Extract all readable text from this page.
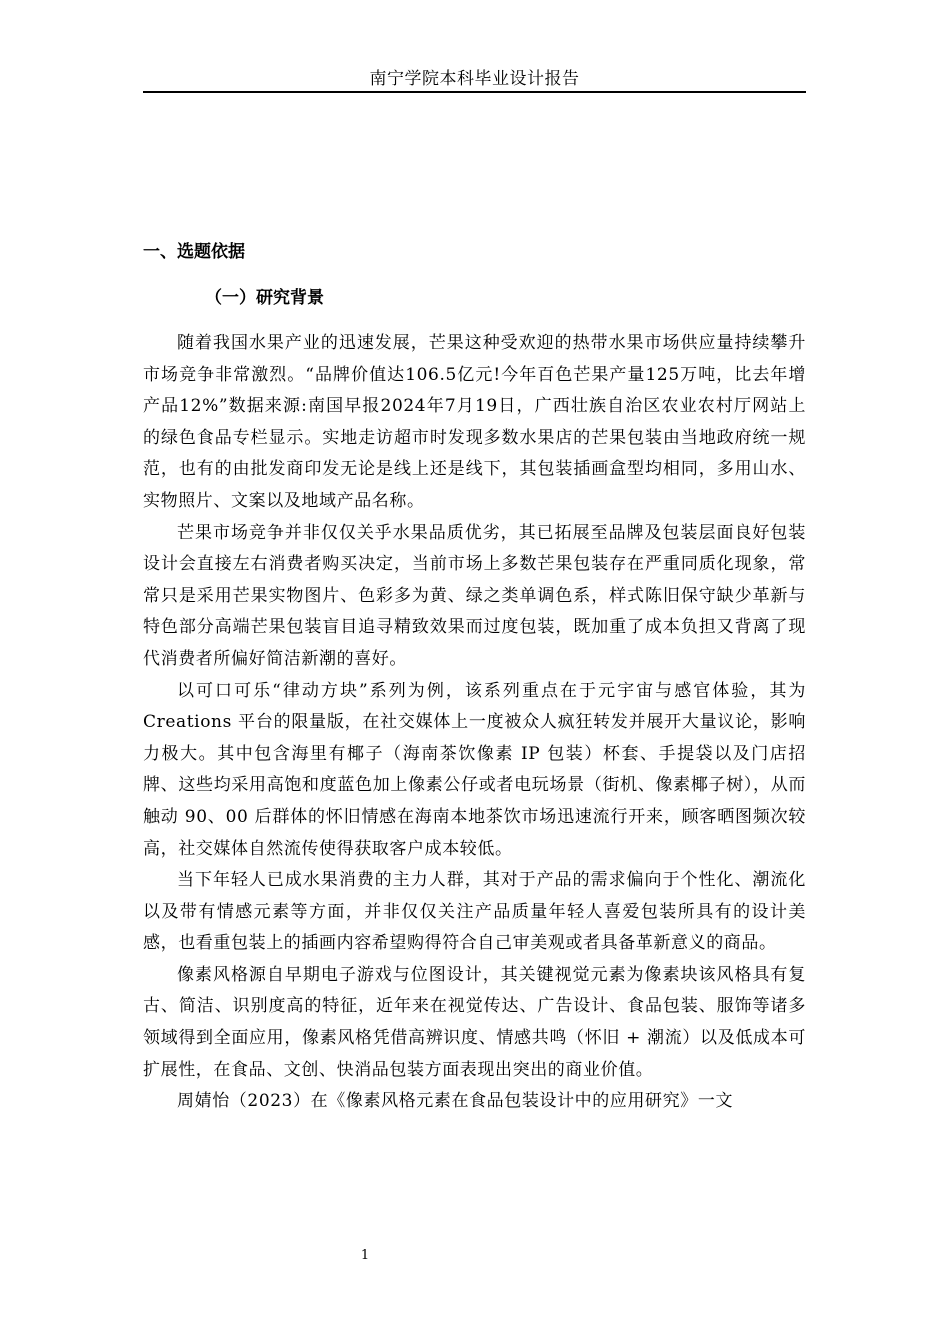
南宁学院本科毕业设计报告
一、选题依据
（一）研究背景

随着我国水果产业的迅速发展，芒果这种受欢迎的热带水果市场供应量持续攀升市场竞争非常激烈。“品牌价值达106.5亿元!今年百色芒果产量125万吨，比去年增产品12%”数据来源:南国早报2024年7月19日，广西壮族自治区农业农村厅网站上的绿色食品专栏显示。实地走访超市时发现多数水果店的芒果包装由当地政府统一规范，也有的由批发商印发无论是线上还是线下，其包装插画盒型均相同，多用山水、实物照片、文案以及地域产品名称。

芒果市场竞争并非仅仅关乎水果品质优劣，其已拓展至品牌及包装层面良好包装设计会直接左右消费者购买决定，当前市场上多数芒果包装存在严重同质化现象，常常只是采用芒果实物图片、色彩多为黄、绿之类单调色系，样式陈旧保守缺少革新与特色部分高端芒果包装盲目追寻精致效果而过度包装，既加重了成本负担又背离了现代消费者所偏好简洁新潮的喜好。

以可口可乐“律动方块”系列为例，该系列重点在于元宇宙与感官体验，其为 Creations 平台的限量版，在社交媒体上一度被众人疯狂转发并展开大量议论，影响力极大。其中包含海里有椰子（海南茶饮像素 IP 包装）杯套、手提袋以及门店招牌、这些均采用高饱和度蓝色加上像素公仔或者电玩场景（街机、像素椰子树），从而触动 90、00 后群体的怀旧情感在海南本地茶饮市场迅速流行开来，顾客晒图频次较高，社交媒体自然流传使得获取客户成本较低。

当下年轻人已成水果消费的主力人群，其对于产品的需求偏向于个性化、潮流化以及带有情感元素等方面，并非仅仅关注产品质量年轻人喜爱包装所具有的设计美感，也看重包装上的插画内容希望购得符合自己审美观或者具备革新意义的商品。

像素风格源自早期电子游戏与位图设计，其关键视觉元素为像素块该风格具有复古、简洁、识别度高的特征，近年来在视觉传达、广告设计、食品包装、服饰等诸多领域得到全面应用，像素风格凭借高辨识度、情感共鸣（怀旧 + 潮流）以及低成本可扩展性，在食品、文创、快消品包装方面表现出突出的商业价值。

周婧怡（2023）在《像素风格元素在食品包装设计中的应用研究》一文

1
